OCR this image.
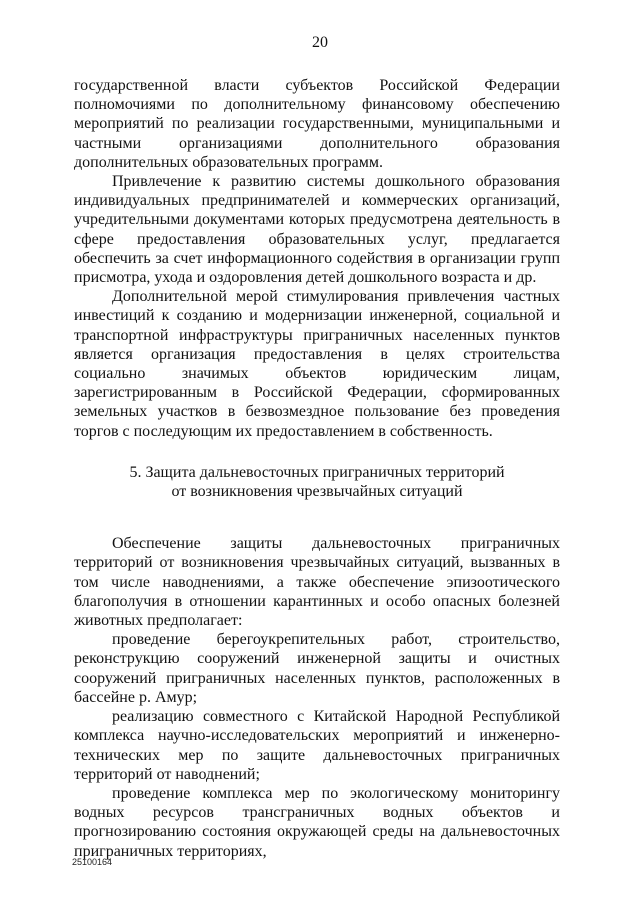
20

государственной власти субъектов Российской Федерации полномочиями по дополнительному финансовому обеспечению мероприятий по реализации государственными, муниципальными и частными организациями дополнительного образования дополнительных образовательных программ.

Привлечение к развитию системы дошкольного образования индивидуальных предпринимателей и коммерческих организаций, учредительными документами которых предусмотрена деятельность в сфере предоставления образовательных услуг, предлагается обеспечить за счет информационного содействия в организации групп присмотра, ухода и оздоровления детей дошкольного возраста и др.

Дополнительной мерой стимулирования привлечения частных инвестиций к созданию и модернизации инженерной, социальной и транспортной инфраструктуры приграничных населенных пунктов является организация предоставления в целях строительства социально значимых объектов юридическим лицам, зарегистрированным в Российской Федерации, сформированных земельных участков в безвозмездное пользование без проведения торгов с последующим их предоставлением в собственность.

5. Защита дальневосточных приграничных территорий
от возникновения чрезвычайных ситуаций

Обеспечение защиты дальневосточных приграничных территорий от возникновения чрезвычайных ситуаций, вызванных в том числе наводнениями, а также обеспечение эпизоотического благополучия в отношении карантинных и особо опасных болезней животных предполагает:

проведение берегоукрепительных работ, строительство, реконструкцию сооружений инженерной защиты и очистных сооружений приграничных населенных пунктов, расположенных в бассейне р. Амур;

реализацию совместного с Китайской Народной Республикой комплекса научно-исследовательских мероприятий и инженерно-технических мер по защите дальневосточных приграничных территорий от наводнений;

проведение комплекса мер по экологическому мониторингу водных ресурсов трансграничных водных объектов и прогнозированию состояния окружающей среды на дальневосточных приграничных территориях,

25100164
